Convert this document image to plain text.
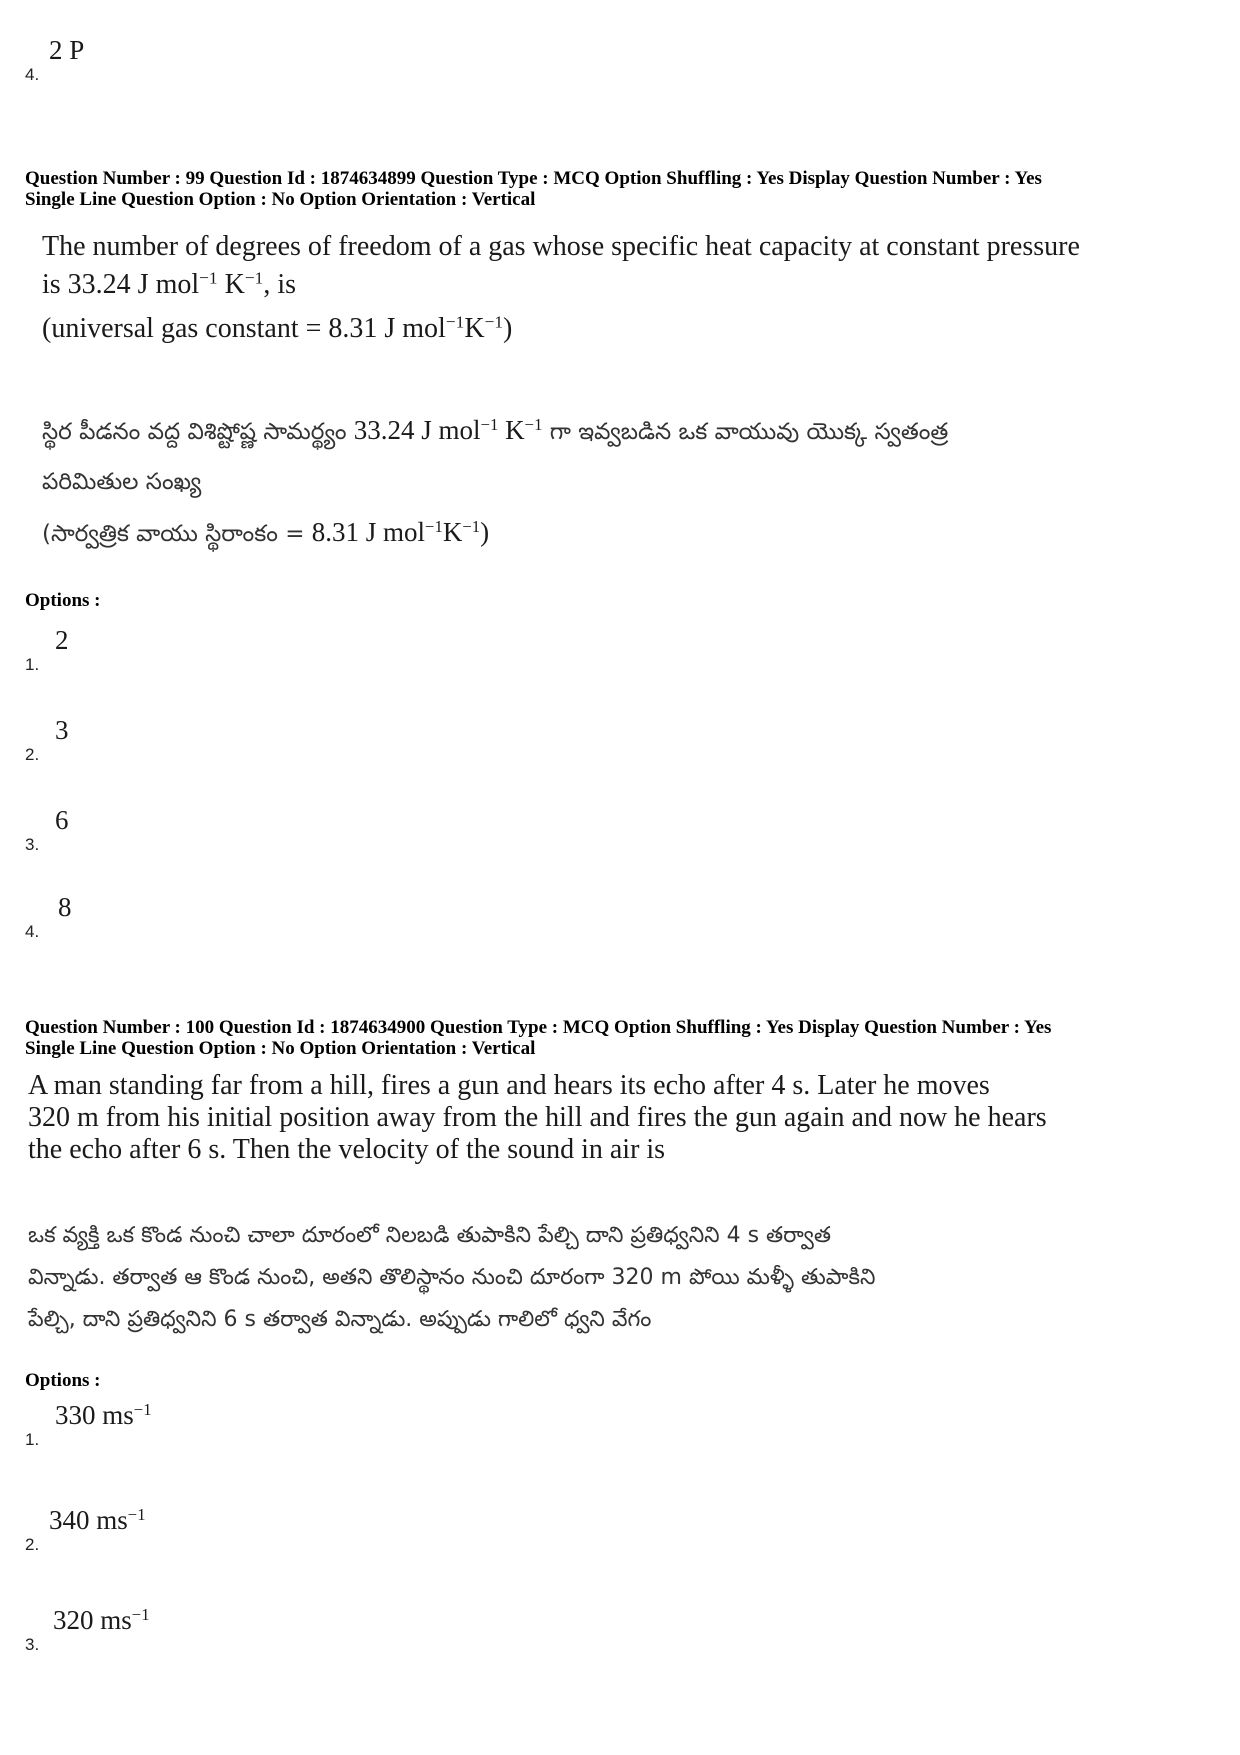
4.
2 P
Question Number : 99 Question Id : 1874634899 Question Type : MCQ Option Shuffling : Yes Display Question Number : Yes
Single Line Question Option : No Option Orientation : Vertical

The number of degrees of freedom of a gas whose specific heat capacity at constant pressure

is 33.24 J mol$^{-1}$ $K^{-1}$, is

(universal gas constant = 8.31 J $mol^{-1}K^{-1}$)

స్థిర పీడనం వద్ద విశిష్టోష్ణ సామర్థ్యం 33.24 J mol$^{-1}$ $K^{-1}$ గా ఇవ్వబడిన ఒక వాయువు యొక్క స్వతంత్ర

పరిమితుల సంఖ్య

(సార్వత్రిక వాయు స్థిరాంకం = 8.31 J $mol^{-1}K^{-1}$)

Options :
1.
2
2.
3
3.
6
4.
8
Question Number : 100 Question Id : 1874634900 Question Type : MCQ Option Shuffling : Yes Display Question Number : Yes
Single Line Question Option : No Option Orientation : Vertical

A man standing far from a hill, fires a gun and hears its echo after 4 s. Later he moves

320 m from his initial position away from the hill and fires the gun again and now he hears

the echo after 6 s. Then the velocity of the sound in air is

ఒక వ్యక్తి ఒక కొండ నుంచి చాలా దూరంలో నిలబడి తుపాకిని పేల్చి దాని ప్రతిధ్వనిని 4 s తర్వాత

విన్నాడు. తర్వాత ఆ కొండ నుంచి, అతని తొలిస్థానం నుంచి దూరంగా 320 m పోయి మళ్ళీ తుపాకిని

పేల్చి, దాని ప్రతిధ్వనిని 6 s తర్వాత విన్నాడు. అప్పుడు గాలిలో ధ్వని వేగం

Options :
1.
330 $ms^{-1}$
2.
340 $ms^{-1}$
3.
320 $ms^{-1}$
